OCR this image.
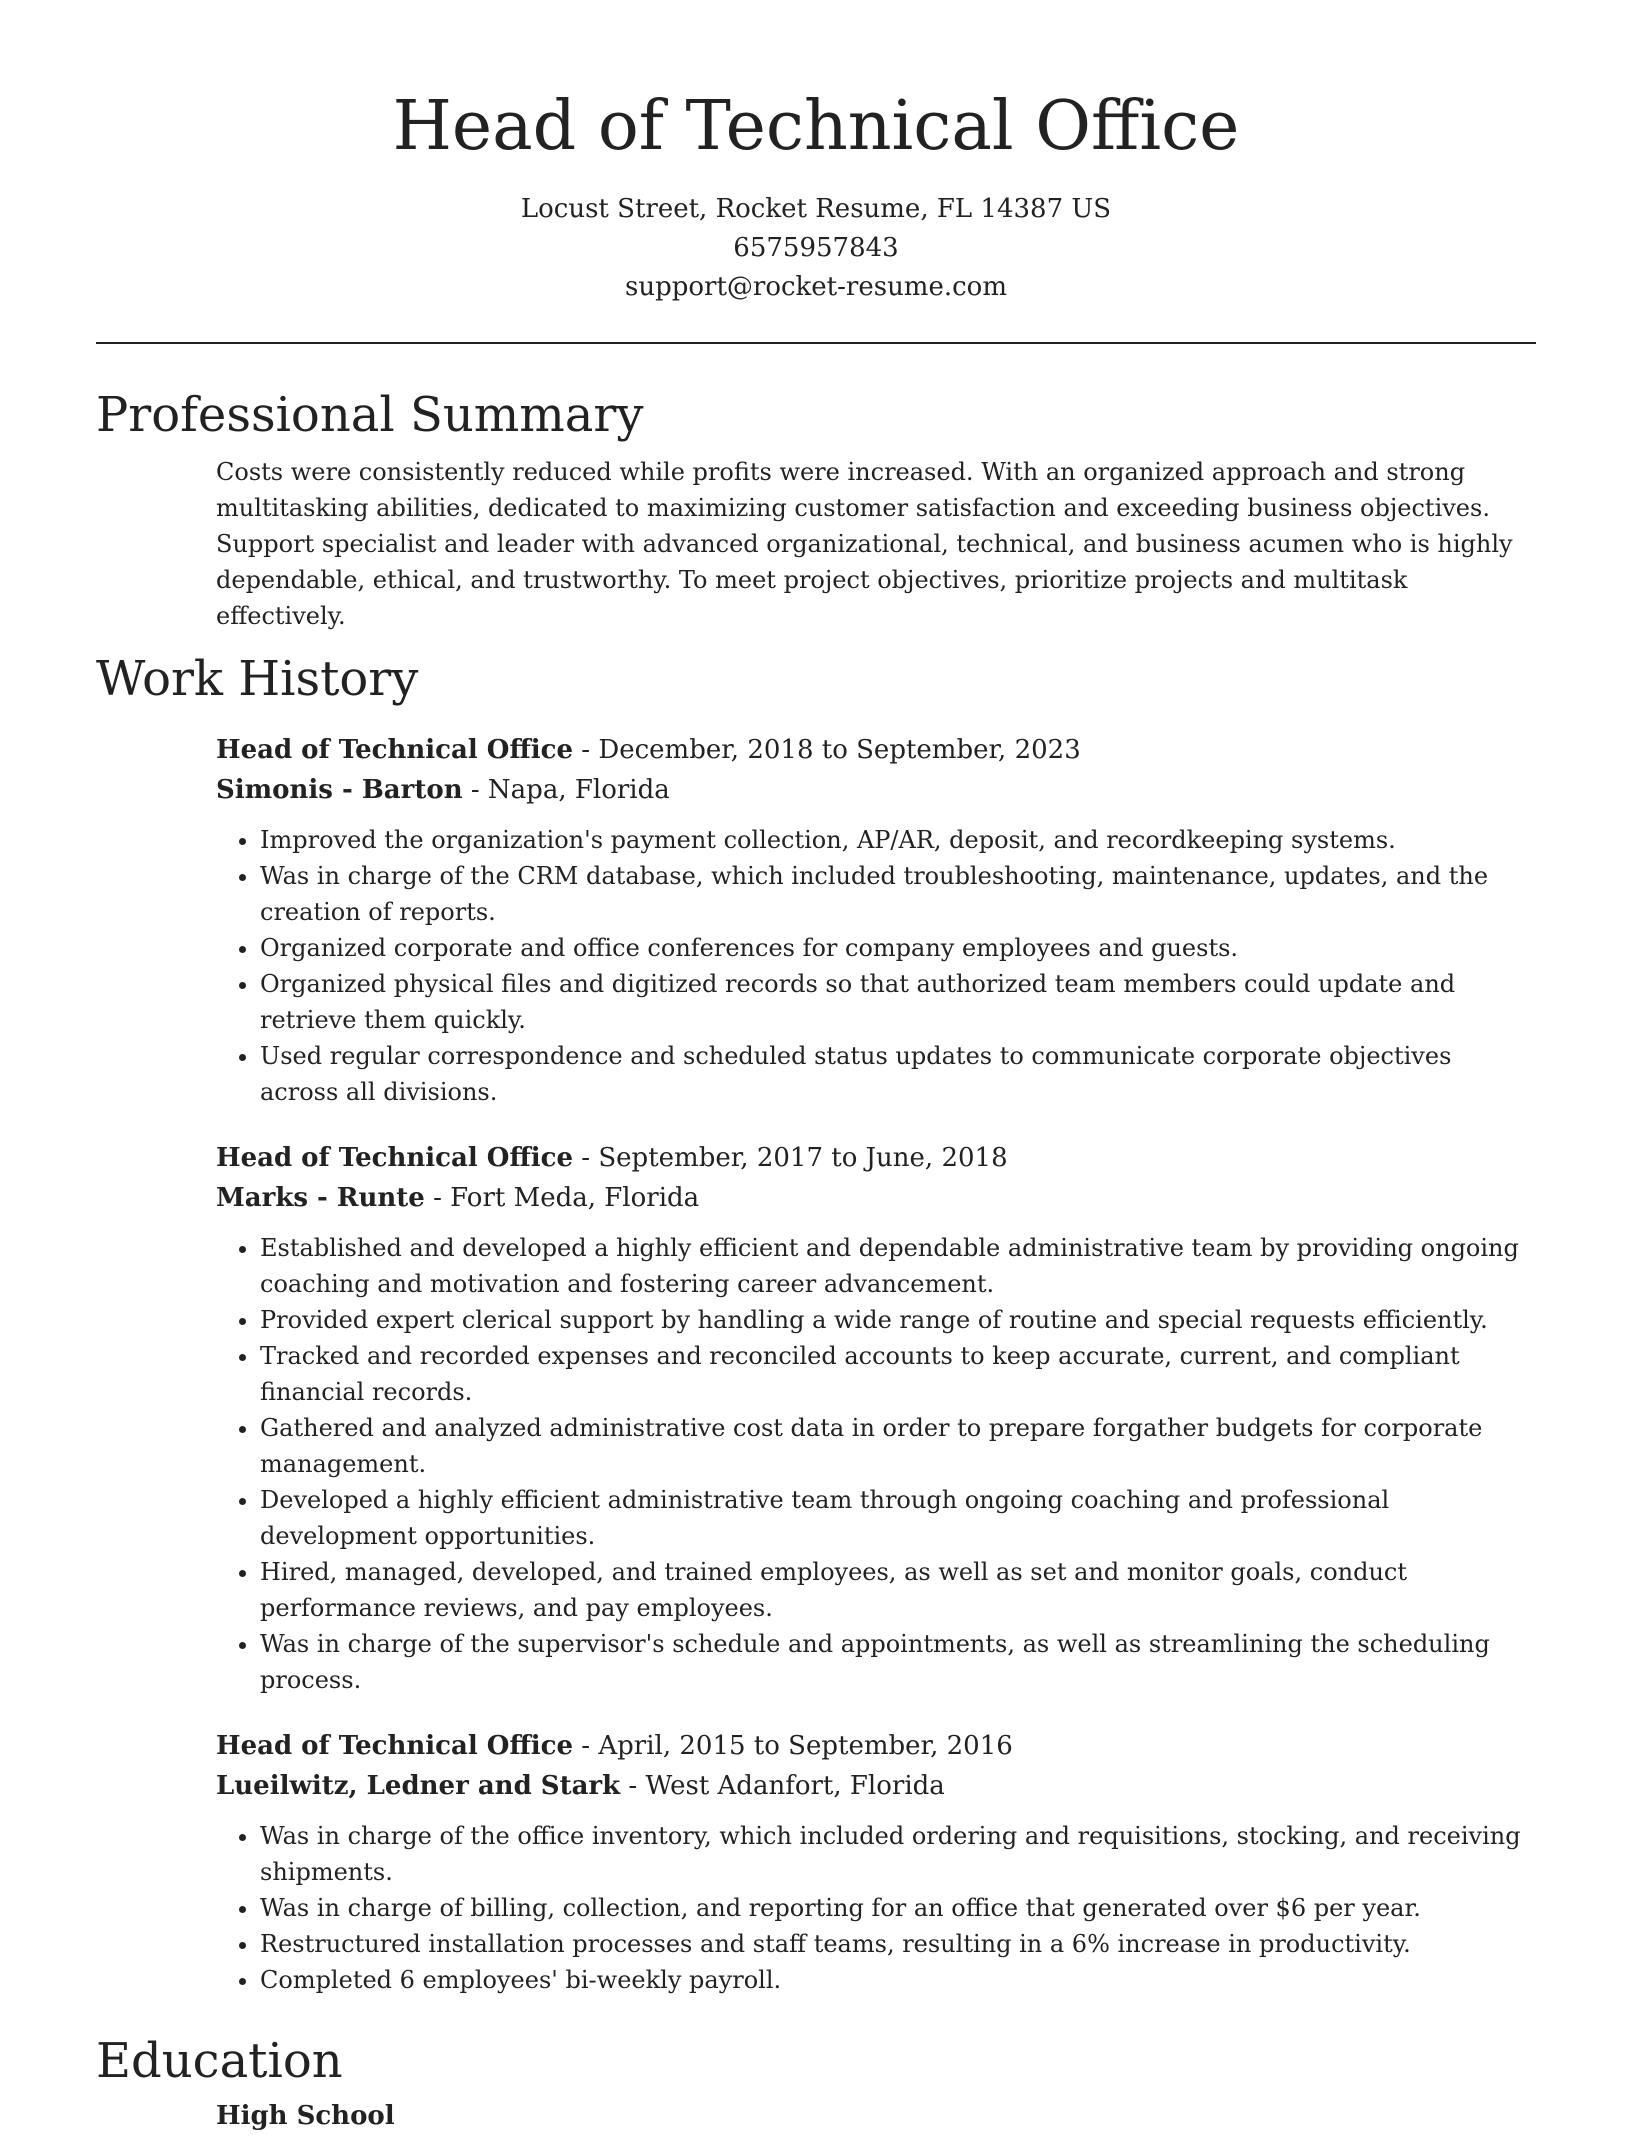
Head of Technical Office
Locust Street, Rocket Resume, FL 14387 US
6575957843
support@rocket-resume.com
Professional Summary
Costs were consistently reduced while profits were increased. With an organized approach and strong multitasking abilities, dedicated to maximizing customer satisfaction and exceeding business objectives. Support specialist and leader with advanced organizational, technical, and business acumen who is highly dependable, ethical, and trustworthy. To meet project objectives, prioritize projects and multitask effectively.
Work History
Head of Technical Office - December, 2018 to September, 2023
Simonis - Barton - Napa, Florida
• Improved the organization's payment collection, AP/AR, deposit, and recordkeeping systems.
• Was in charge of the CRM database, which included troubleshooting, maintenance, updates, and the creation of reports.
• Organized corporate and office conferences for company employees and guests.
• Organized physical files and digitized records so that authorized team members could update and retrieve them quickly.
• Used regular correspondence and scheduled status updates to communicate corporate objectives across all divisions.
Head of Technical Office - September, 2017 to June, 2018
Marks - Runte - Fort Meda, Florida
• Established and developed a highly efficient and dependable administrative team by providing ongoing coaching and motivation and fostering career advancement.
• Provided expert clerical support by handling a wide range of routine and special requests efficiently.
• Tracked and recorded expenses and reconciled accounts to keep accurate, current, and compliant financial records.
• Gathered and analyzed administrative cost data in order to prepare forgather budgets for corporate management.
• Developed a highly efficient administrative team through ongoing coaching and professional development opportunities.
• Hired, managed, developed, and trained employees, as well as set and monitor goals, conduct performance reviews, and pay employees.
• Was in charge of the supervisor's schedule and appointments, as well as streamlining the scheduling process.
Head of Technical Office - April, 2015 to September, 2016
Lueilwitz, Ledner and Stark - West Adanfort, Florida
• Was in charge of the office inventory, which included ordering and requisitions, stocking, and receiving shipments.
• Was in charge of billing, collection, and reporting for an office that generated over $6 per year.
• Restructured installation processes and staff teams, resulting in a 6% increase in productivity.
• Completed 6 employees' bi-weekly payroll.
Education
High School
